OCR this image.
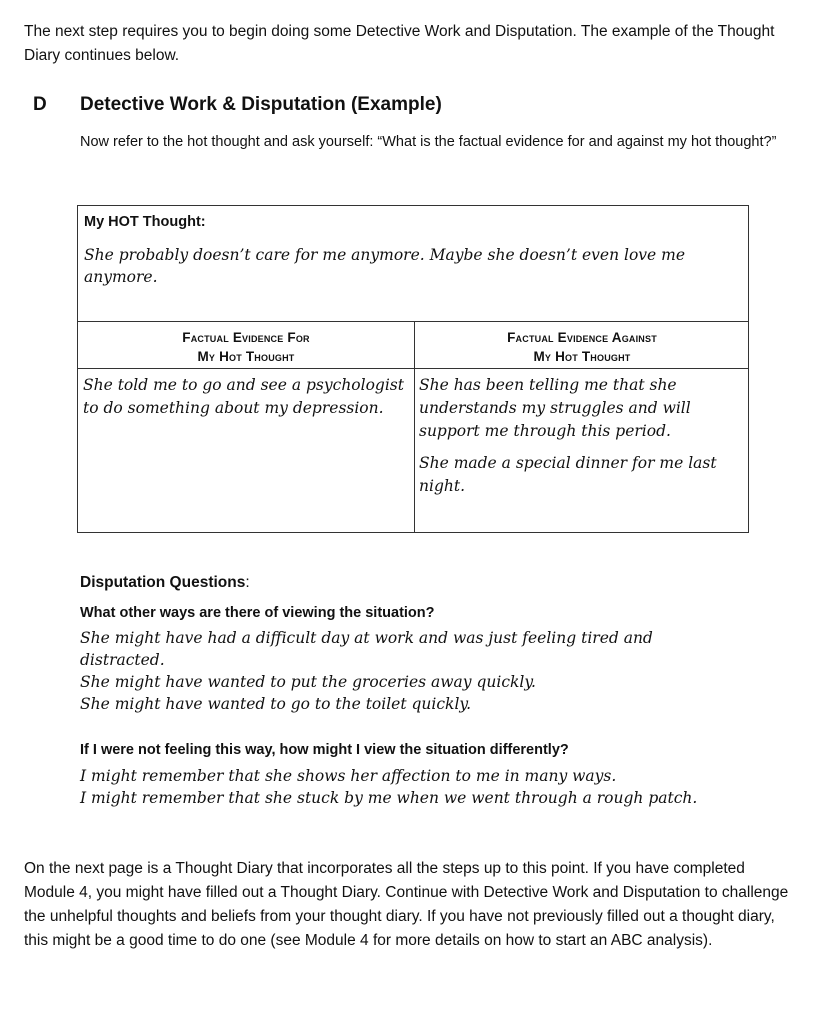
The next step requires you to begin doing some Detective Work and Disputation. The example of the Thought Diary continues below.

D Detective Work & Disputation (Example)

Now refer to the hot thought and ask yourself: “What is the factual evidence for and against my hot thought?”

My HOT Thought:
She probably doesn’t care for me anymore. Maybe she doesn’t even love me anymore.
Factual Evidence For
My Hot Thought
Factual Evidence Against
My Hot Thought
She told me to go and see a psychologist to do something about my depression.
She has been telling me that she understands my struggles and will support me through this period.
She made a special dinner for me last night.
Disputation Questions:
What other ways are there of viewing the situation?
She might have had a difficult day at work and was just feeling tired and distracted.
She might have wanted to put the groceries away quickly.
She might have wanted to go to the toilet quickly.
If I were not feeling this way, how might I view the situation differently?
I might remember that she shows her affection to me in many ways.
I might remember that she stuck by me when we went through a rough patch.

On the next page is a Thought Diary that incorporates all the steps up to this point. If you have completed Module 4, you might have filled out a Thought Diary. Continue with Detective Work and Disputation to challenge the unhelpful thoughts and beliefs from your thought diary. If you have not previously filled out a thought diary, this might be a good time to do one (see Module 4 for more details on how to start an ABC analysis).
